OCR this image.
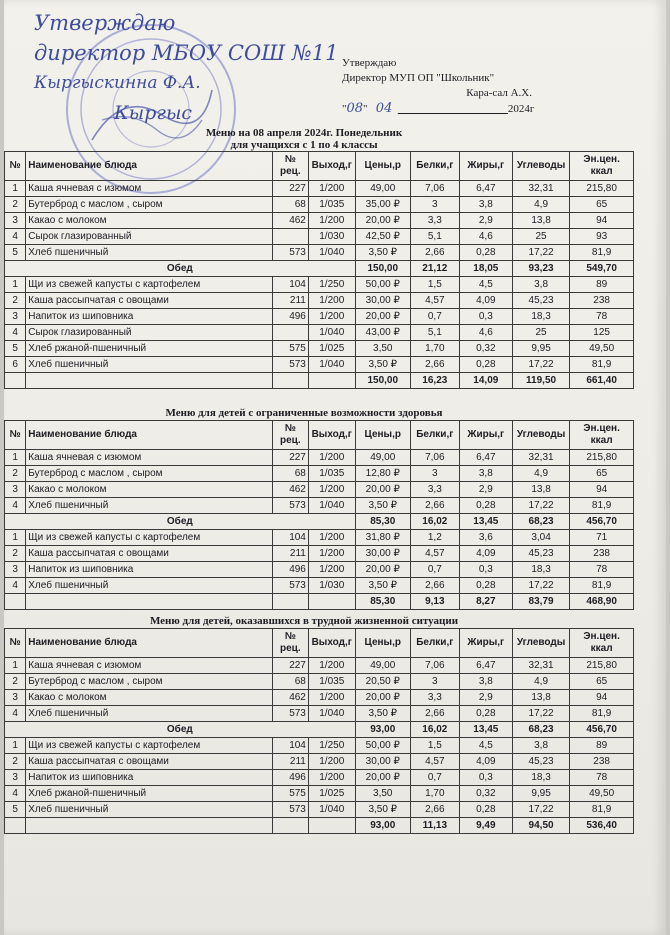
Утверждаю
директор МБОУ СОШ №11
Кыргыскинна Ф.А.
Кыргыс
Утверждаю
Директор МУП ОП "Школьник"
Кара-сал А.Х.
"08" 04 ____________________2024г
Меню на 08 апреля 2024г. Понедельник
для учащихся с 1 по 4 классы
№	Наименование блюда	№ рец.	Выход,г	Цены,р	Белки,г	Жиры,г	Углеводы	Эн.цен. ккал
1	Каша ячневая с изюмом	227	1/200	49,00	7,06	6,47	32,31	215,80
2	Бутерброд с маслом , сыром	68	1/035	35,00 ₽	3	3,8	4,9	65
3	Какао с молоком	462	1/200	20,00 ₽	3,3	2,9	13,8	94
4	Сырок глазированный		1/030	42,50 ₽	5,1	4,6	25	93
5	Хлеб пшеничный	573	1/040	3,50 ₽	2,66	0,28	17,22	81,9
Обед				150,00	21,12	18,05	93,23	549,70
1	Щи из свежей капусты с картофелем	104	1/250	50,00 ₽	1,5	4,5	3,8	89
2	Каша рассыпчатая с овощами	211	1/200	30,00 ₽	4,57	4,09	45,23	238
3	Напиток из шиповника	496	1/200	20,00 ₽	0,7	0,3	18,3	78
4	Сырок глазированный		1/040	43,00 ₽	5,1	4,6	25	125
5	Хлеб ржаной-пшеничный	575	1/025	3,50	1,70	0,32	9,95	49,50
6	Хлеб пшеничный	573	1/040	3,50 ₽	2,66	0,28	17,22	81,9
				150,00	16,23	14,09	119,50	661,40
Меню для детей с ограниченные возможности здоровья
№	Наименование блюда	№ рец.	Выход,г	Цены,р	Белки,г	Жиры,г	Углеводы	Эн.цен. ккал
1	Каша ячневая с изюмом	227	1/200	49,00	7,06	6,47	32,31	215,80
2	Бутерброд с маслом , сыром	68	1/035	12,80 ₽	3	3,8	4,9	65
3	Какао с молоком	462	1/200	20,00 ₽	3,3	2,9	13,8	94
4	Хлеб пшеничный	573	1/040	3,50 ₽	2,66	0,28	17,22	81,9
Обед				85,30	16,02	13,45	68,23	456,70
1	Щи из свежей капусты с картофелем	104	1/200	31,80 ₽	1,2	3,6	3,04	71
2	Каша рассыпчатая с овощами	211	1/200	30,00 ₽	4,57	4,09	45,23	238
3	Напиток из шиповника	496	1/200	20,00 ₽	0,7	0,3	18,3	78
4	Хлеб пшеничный	573	1/030	3,50 ₽	2,66	0,28	17,22	81,9
				85,30	9,13	8,27	83,79	468,90
Меню для детей, оказавшихся в трудной жизненной ситуации
№	Наименование блюда	№ рец.	Выход,г	Цены,р	Белки,г	Жиры,г	Углеводы	Эн.цен. ккал
1	Каша ячневая с изюмом	227	1/200	49,00	7,06	6,47	32,31	215,80
2	Бутерброд с маслом , сыром	68	1/035	20,50 ₽	3	3,8	4,9	65
3	Какао с молоком	462	1/200	20,00 ₽	3,3	2,9	13,8	94
4	Хлеб пшеничный	573	1/040	3,50 ₽	2,66	0,28	17,22	81,9
Обед				93,00	16,02	13,45	68,23	456,70
1	Щи из свежей капусты с картофелем	104	1/250	50,00 ₽	1,5	4,5	3,8	89
2	Каша рассыпчатая с овощами	211	1/200	30,00 ₽	4,57	4,09	45,23	238
3	Напиток из шиповника	496	1/200	20,00 ₽	0,7	0,3	18,3	78
4	Хлеб ржаной-пшеничный	575	1/025	3,50	1,70	0,32	9,95	49,50
5	Хлеб пшеничный	573	1/040	3,50 ₽	2,66	0,28	17,22	81,9
				93,00	11,13	9,49	94,50	536,40
